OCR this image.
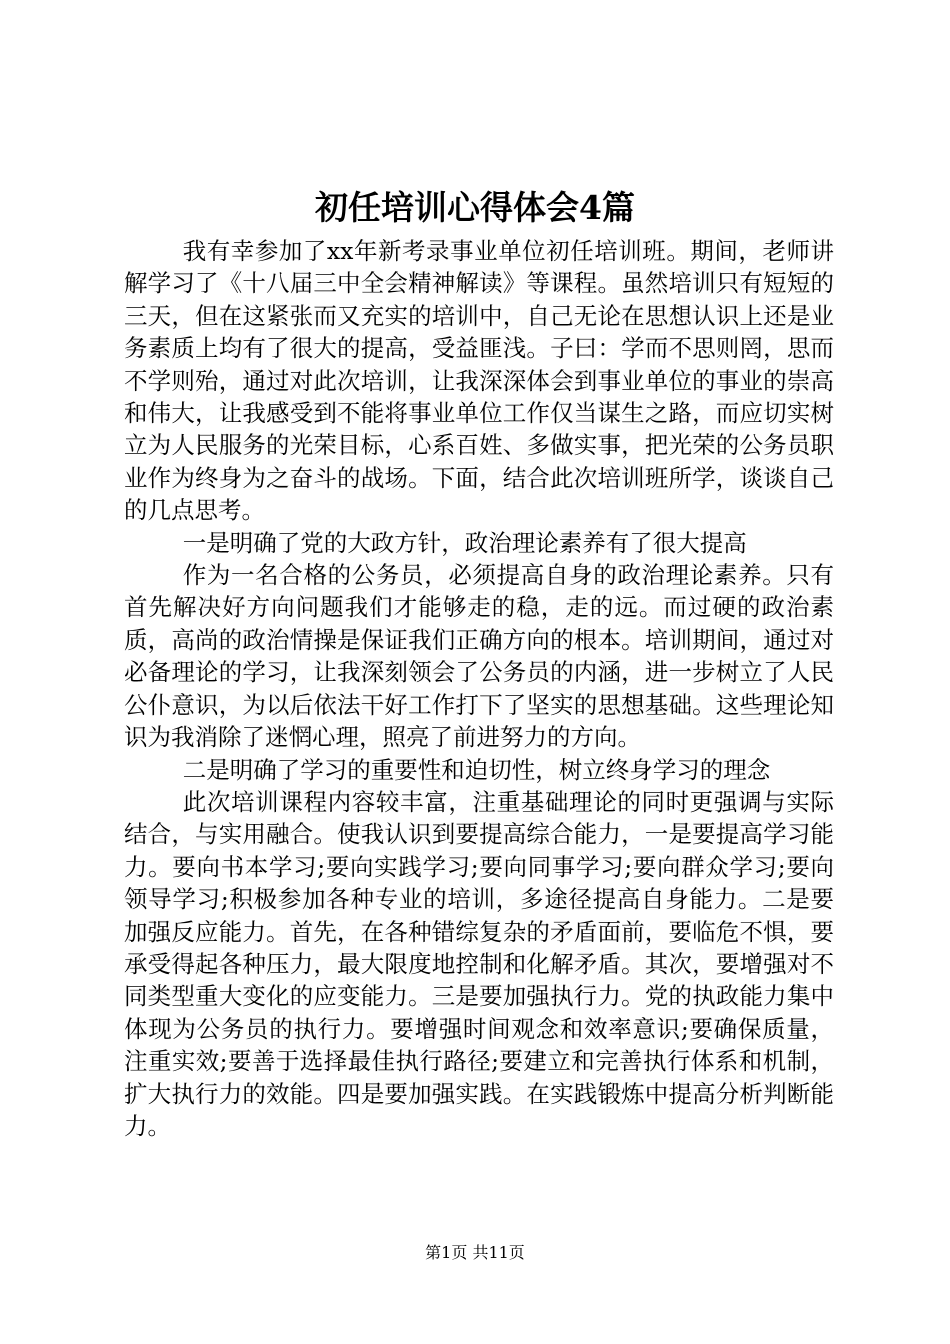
初任培训心得体会4篇

我有幸参加了xx年新考录事业单位初任培训班。期间，老师讲解学习了《十八届三中全会精神解读》等课程。虽然培训只有短短的三天，但在这紧张而又充实的培训中，自己无论在思想认识上还是业务素质上均有了很大的提高，受益匪浅。子曰：学而不思则罔，思而不学则殆，通过对此次培训，让我深深体会到事业单位的事业的崇高和伟大，让我感受到不能将事业单位工作仅当谋生之路，而应切实树立为人民服务的光荣目标，心系百姓、多做实事，把光荣的公务员职业作为终身为之奋斗的战场。下面，结合此次培训班所学，谈谈自己的几点思考。

一是明确了党的大政方针，政治理论素养有了很大提高

作为一名合格的公务员，必须提高自身的政治理论素养。只有首先解决好方向问题我们才能够走的稳，走的远。而过硬的政治素质，高尚的政治情操是保证我们正确方向的根本。培训期间，通过对必备理论的学习，让我深刻领会了公务员的内涵，进一步树立了人民公仆意识，为以后依法干好工作打下了坚实的思想基础。这些理论知识为我消除了迷惘心理，照亮了前进努力的方向。

二是明确了学习的重要性和迫切性，树立终身学习的理念

此次培训课程内容较丰富，注重基础理论的同时更强调与实际结合，与实用融合。使我认识到要提高综合能力，一是要提高学习能力。要向书本学习;要向实践学习;要向同事学习;要向群众学习;要向领导学习;积极参加各种专业的培训，多途径提高自身能力。二是要加强反应能力。首先，在各种错综复杂的矛盾面前，要临危不惧，要承受得起各种压力，最大限度地控制和化解矛盾。其次，要增强对不同类型重大变化的应变能力。三是要加强执行力。党的执政能力集中体现为公务员的执行力。要增强时间观念和效率意识;要确保质量，注重实效;要善于选择最佳执行路径;要建立和完善执行体系和机制，扩大执行力的效能。四是要加强实践。在实践锻炼中提高分析判断能力。

第1页 共11页
